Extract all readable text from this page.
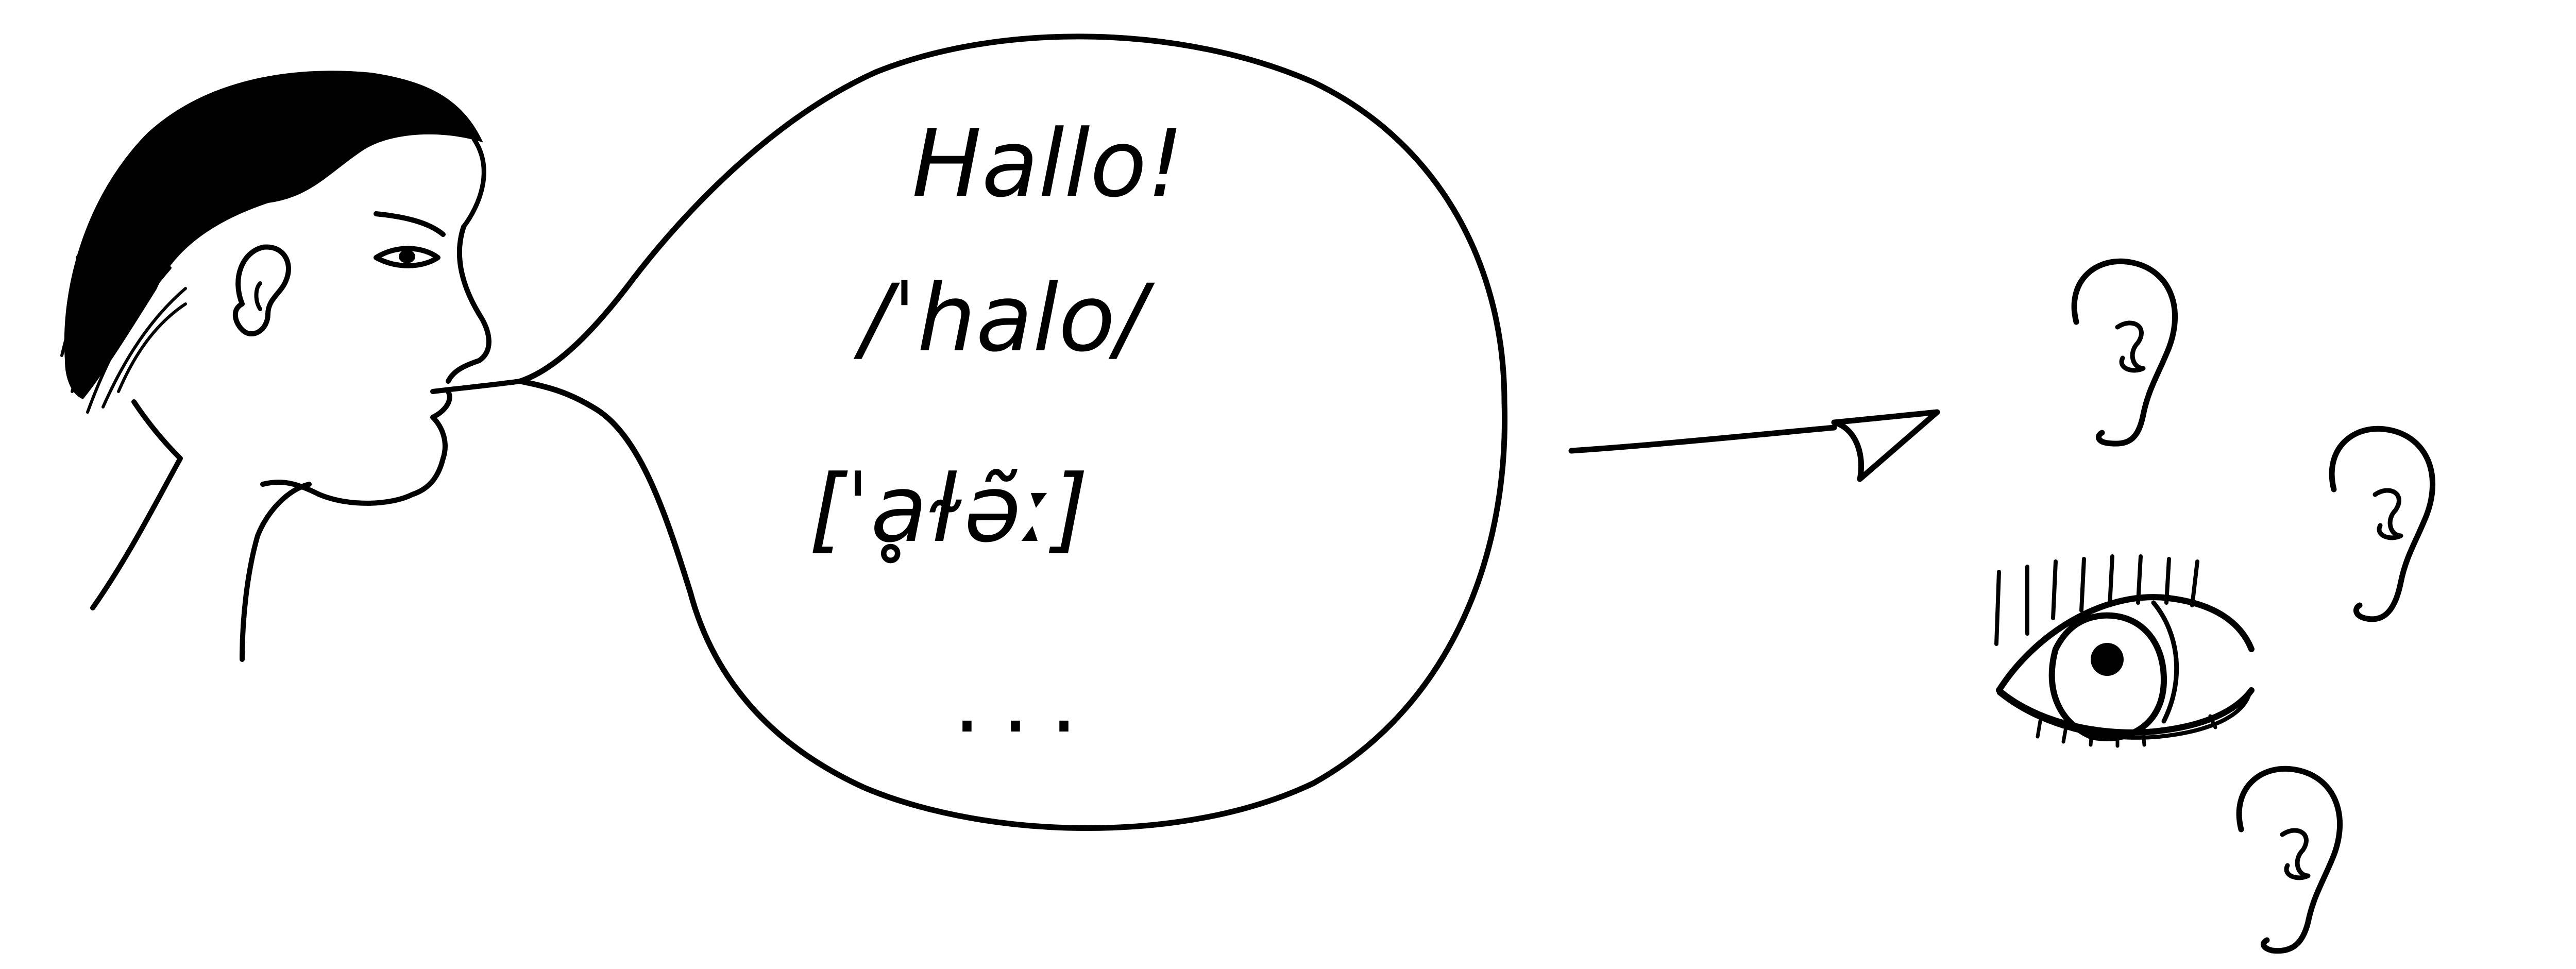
Hallo!
/ˈhalo/
[ˈḁɫə̃ː]
...
